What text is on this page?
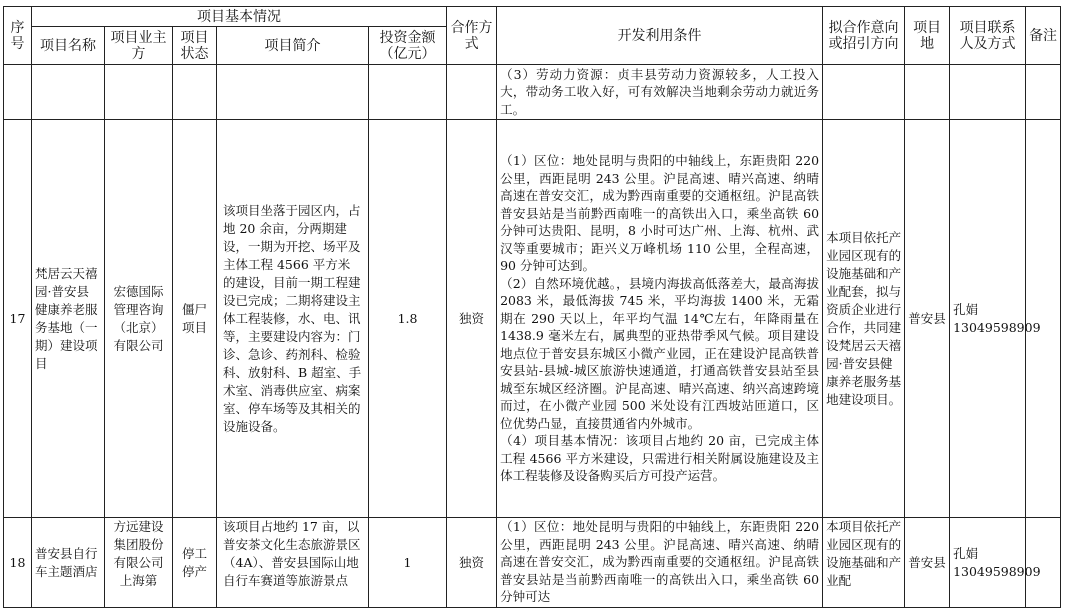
序号	项目基本情况					合作方式	开发利用条件	拟合作意向或招引方向	项目地	项目联系人及方式	备注
	项目名称	项目业主方	项目状态	项目简介	投资金额（亿元）						
							（3）劳动力资源：贞丰县劳动力资源较多，人工投入大，带动务工收入好，可有效解决当地剩余劳动力就近务工。				
17	梵居云天禧园·普安县健康养老服务基地（一期）建设项目	宏德国际管理咨询（北京）有限公司	僵尸项目	该项目坐落于园区内，占地 20 余亩，分两期建设，一期为开挖、场平及主体工程 4566 平方米的建设，目前一期工程建设已完成；二期将建设主体工程装修，水、电、讯等，主要建设内容为：门诊、急诊、药剂科、检验科、放射科、B 超室、手术室、消毒供应室、病案室、停车场等及其相关的设施设备。	1.8	独资	（1）区位：地处昆明与贵阳的中轴线上，东距贵阳 220 公里，西距昆明 243 公里。沪昆高速、晴兴高速、纳晴高速在普安交汇，成为黔西南重要的交通枢纽。沪昆高铁普安县站是当前黔西南唯一的高铁出入口，乘坐高铁 60 分钟可达贵阳、昆明，8 小时可达广州、上海、杭州、武汉等重要城市；距兴义万峰机场 110 公里，全程高速，90 分钟可达到。
（2）自然环境优越。，县境内海拔高低落差大，最高海拔 2083 米，最低海拔 745 米，平均海拔 1400 米，无霜期在 290 天以上，年平均气温 14℃左右，年降雨量在 1438.9 毫米左右，属典型的亚热带季风气候。项目建设地点位于普安县东城区小微产业园，正在建设沪昆高铁普安县站-县城-城区旅游快速通道，打通高铁普安县站至县城至东城区经济圈。沪昆高速、晴兴高速、纳兴高速跨境而过，在小微产业园 500 米处设有江西坡站匝道口，区位优势凸显，直接贯通省内外城市。
（4）项目基本情况：该项目占地约 20 亩，已完成主体工程 4566 平方米建设，只需进行相关附属设施建设及主体工程装修及设备购买后方可投产运营。	本项目依托产业园区现有的设施基础和产业配套，拟与资质企业进行合作，共同建设梵居云天禧园·普安县健康养老服务基地建设项目。	普安县	孔娟 13049598909	
18	普安县自行车主题酒店	方远建设集团股份有限公司上海第	停工停产	该项目占地约 17 亩，以普安茶文化生态旅游景区（4A）、普安县国际山地自行车赛道等旅游景点	1	独资	（1）区位：地处昆明与贵阳的中轴线上，东距贵阳 220 公里，西距昆明 243 公里。沪昆高速、晴兴高速、纳晴高速在普安交汇，成为黔西南重要的交通枢纽。沪昆高铁普安县站是当前黔西南唯一的高铁出入口，乘坐高铁 60 分钟可达	本项目依托产业园区现有的设施基础和产业配	普安县	孔娟 13049598909	
